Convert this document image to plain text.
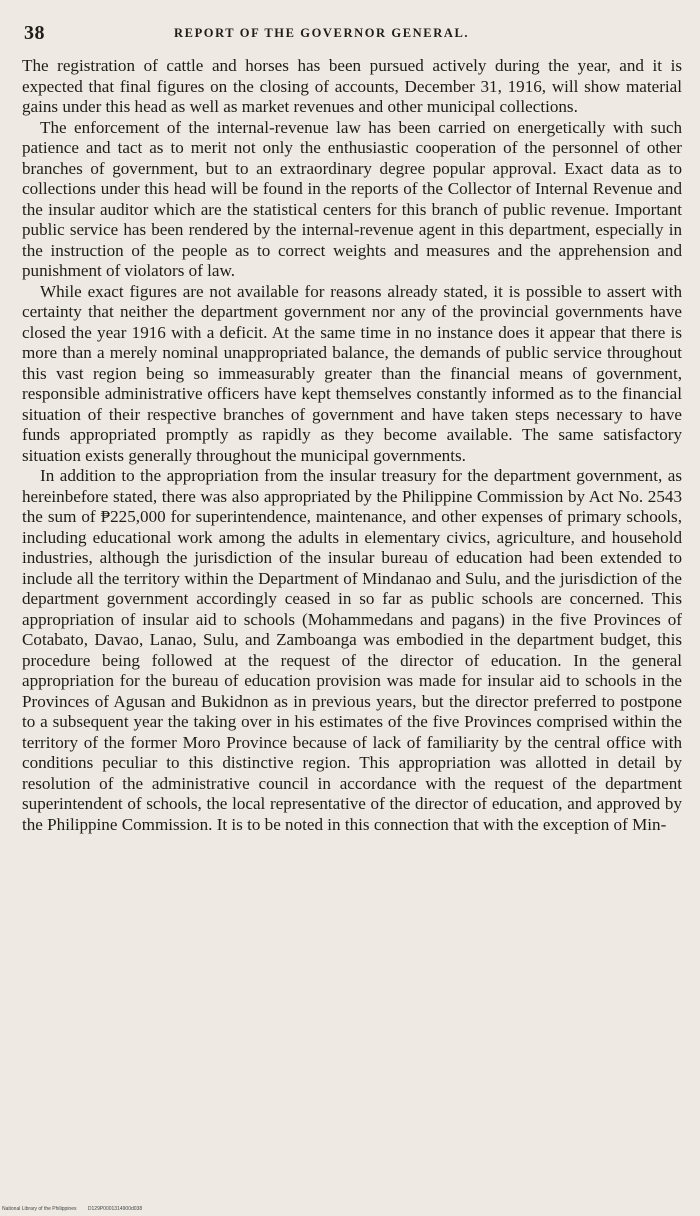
38	REPORT OF THE GOVERNOR GENERAL.

The registration of cattle and horses has been pursued actively during the year, and it is expected that final figures on the closing of accounts, December 31, 1916, will show material gains under this head as well as market revenues and other municipal collections.

The enforcement of the internal-revenue law has been carried on energetically with such patience and tact as to merit not only the enthusiastic cooperation of the personnel of other branches of government, but to an extraordinary degree popular approval. Exact data as to collections under this head will be found in the reports of the Collector of Internal Revenue and the insular auditor which are the statistical centers for this branch of public revenue. Important public service has been rendered by the internal-revenue agent in this department, especially in the instruction of the people as to correct weights and measures and the apprehension and punishment of violators of law.

While exact figures are not available for reasons already stated, it is possible to assert with certainty that neither the department government nor any of the provincial governments have closed the year 1916 with a deficit. At the same time in no instance does it appear that there is more than a merely nominal unappropriated balance, the demands of public service throughout this vast region being so immeasurably greater than the financial means of government, responsible administrative officers have kept themselves constantly informed as to the financial situation of their respective branches of government and have taken steps necessary to have funds appropriated promptly as rapidly as they become available. The same satisfactory situation exists generally throughout the municipal governments.

In addition to the appropriation from the insular treasury for the department government, as hereinbefore stated, there was also appropriated by the Philippine Commission by Act No. 2543 the sum of ₱225,000 for superintendence, maintenance, and other expenses of primary schools, including educational work among the adults in elementary civics, agriculture, and household industries, although the jurisdiction of the insular bureau of education had been extended to include all the territory within the Department of Mindanao and Sulu, and the jurisdiction of the department government accordingly ceased in so far as public schools are concerned. This appropriation of insular aid to schools (Mohammedans and pagans) in the five Provinces of Cotabato, Davao, Lanao, Sulu, and Zamboanga was embodied in the department budget, this procedure being followed at the request of the director of education. In the general appropriation for the bureau of education provision was made for insular aid to schools in the Provinces of Agusan and Bukidnon as in previous years, but the director preferred to postpone to a subsequent year the taking over in his estimates of the five Provinces comprised within the territory of the former Moro Province because of lack of familiarity by the central office with conditions peculiar to this distinctive region. This appropriation was allotted in detail by resolution of the administrative council in accordance with the request of the department superintendent of schools, the local representative of the director of education, and approved by the Philippine Commission. It is to be noted in this connection that with the exception of Min-

National Library of the Philippines D129P0001314900d038
